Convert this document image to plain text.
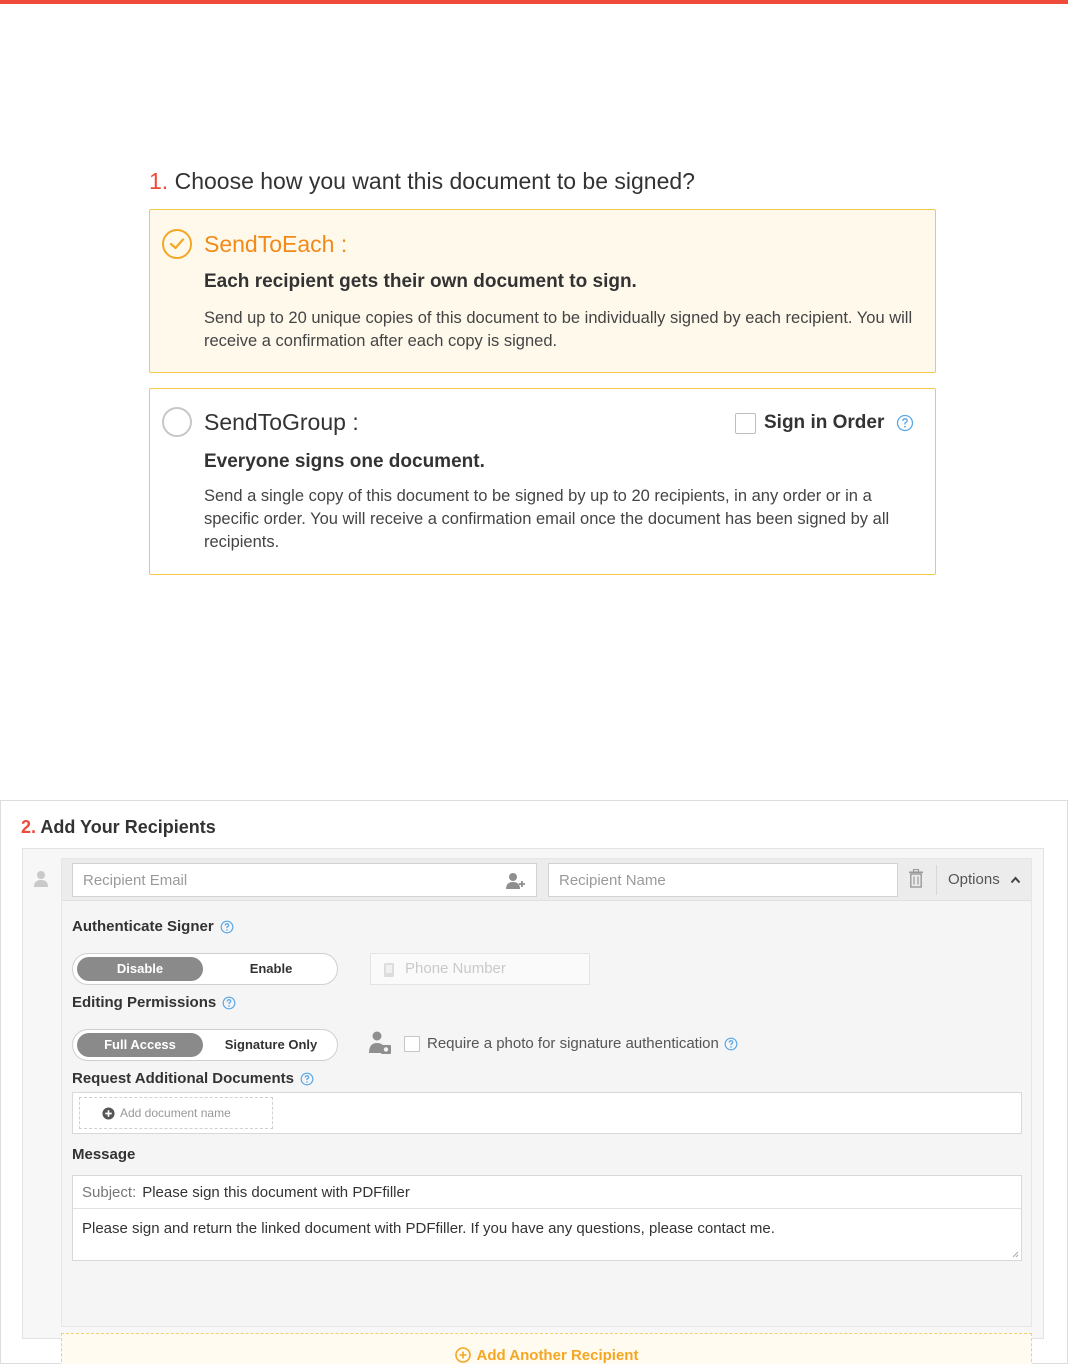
1. Choose how you want this document to be signed?
SendToEach :
Each recipient gets their own document to sign.
Send up to 20 unique copies of this document to be individually signed by each recipient. You will receive a confirmation after each copy is signed.
SendToGroup :	Sign in Order
Everyone signs one document.
Send a single copy of this document to be signed by up to 20 recipients, in any order or in a specific order. You will receive a confirmation email once the document has been signed by all recipients.
2. Add Your Recipients
Recipient Email	Recipient Name	Options
Authenticate Signer
Disable	Enable	Phone Number
Editing Permissions
Full Access	Signature Only	Require a photo for signature authentication
Request Additional Documents
Add document name
Message
Subject: Please sign this document with PDFfiller
Please sign and return the linked document with PDFfiller. If you have any questions, please contact me.
Add Another Recipient
